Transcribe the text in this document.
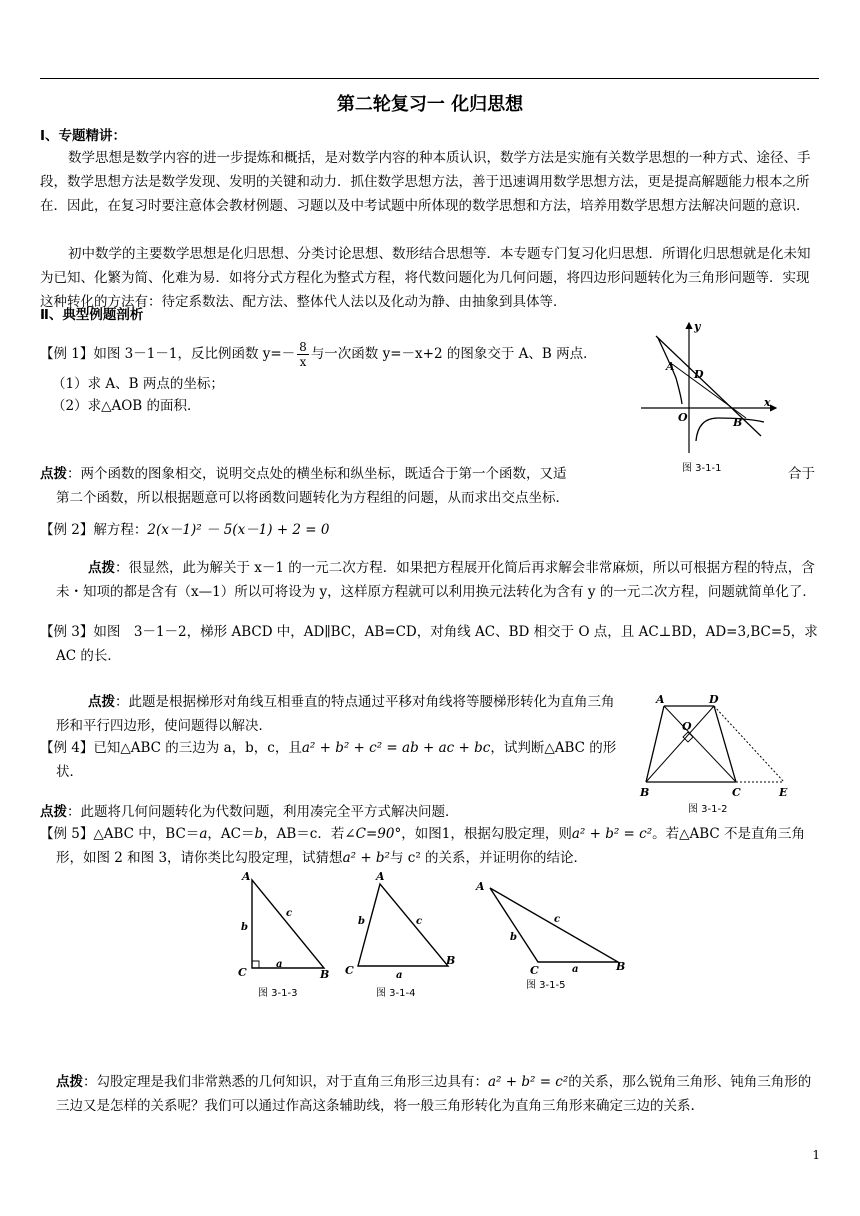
第二轮复习一 化归思想

Ⅰ、专题精讲：

数学思想是数学内容的进一步提炼和概括，是对数学内容的种本质认识，数学方法是实施有关数学思想的一种方式、途径、手段，数学思想方法是数学发现、发明的关键和动力．抓住数学思想方法，善于迅速调用数学思想方法，更是提高解题能力根本之所在．因此，在复习时要注意体会教材例题、习题以及中考试题中所体现的数学思想和方法，培养用数学思想方法解决问题的意识．

初中数学的主要数学思想是化归思想、分类讨论思想、数形结合思想等．本专题专门复习化归思想．所谓化归思想就是化未知为已知、化繁为简、化难为易．如将分式方程化为整式方程，将代数问题化为几何问题，将四边形问题转化为三角形问题等．实现这种转化的方法有：待定系数法、配方法、整体代人法以及化动为静、由抽象到具体等．

Ⅱ、典型例题剖析

【例 1】如图 3－1－1，反比例函数 $y=- \frac{8}{x}$ 与一次函数 y=－x+2 的图象交于 A、B 两点．

（1）求 A、B 两点的坐标；

（2）求△AOB 的面积．

A
D
O	B
x
y
图 3-1-1

点拨：两个函数的图象相交，说明交点处的横坐标和纵坐标，既适合于第一个函数，又适	合于

第二个函数，所以根据题意可以将函数问题转化为方程组的问题，从而求出交点坐标．

【例 2】解方程：2(x－1)² － 5(x－1) + 2 = 0

点拨：很显然，此为解关于 x－1 的一元二次方程．如果把方程展开化简后再求解会非常麻烦，所以可根据方程的特点，含未・知项的都是含有（x—1）所以可将设为 y，这样原方程就可以利用换元法转化为含有 y 的一元二次方程，问题就简单化了．

【例 3】如图　3－1－2，梯形 ABCD 中，AD∥BC，AB=CD，对角线 AC、BD 相交于 O 点，且 AC⊥BD，AD=3,BC=5，求 AC 的长．

点拨：此题是根据梯形对角线互相垂直的特点通过平移对角线将等腰梯形转化为直角三角形和平行四边形，使问题得以解决．

A	D
O
B	C	E
图 3-1-2

【例 4】已知△ABC 的三边为 a，b，c，且a² + b² + c² = ab + ac + bc，试判断△ABC 的形状．

点拨：此题将几何问题转化为代数问题，利用凑完全平方式解决问题．

【例 5】△ABC 中，BC＝a，AC＝b，AB＝c．若∠C=90°，如图1，根据勾股定理，则a² + b² = c²。若△ABC 不是直角三角形，如图 2 和图 3，请你类比勾股定理，试猜想a² + b²与 c² 的关系，并证明你的结论．

A
C	B
b
c
a
图 3-1-3
A
C
B
b	c
a
图 3-1-4
A
C	B
b
c
a
图 3-1-5

点拨：勾股定理是我们非常熟悉的几何知识，对于直角三角形三边具有：a² + b² = c²的关系，那么锐角三角形、钝角三角形的三边又是怎样的关系呢？我们可以通过作高这条辅助线，将一般三角形转化为直角三角形来确定三边的关系.

1
